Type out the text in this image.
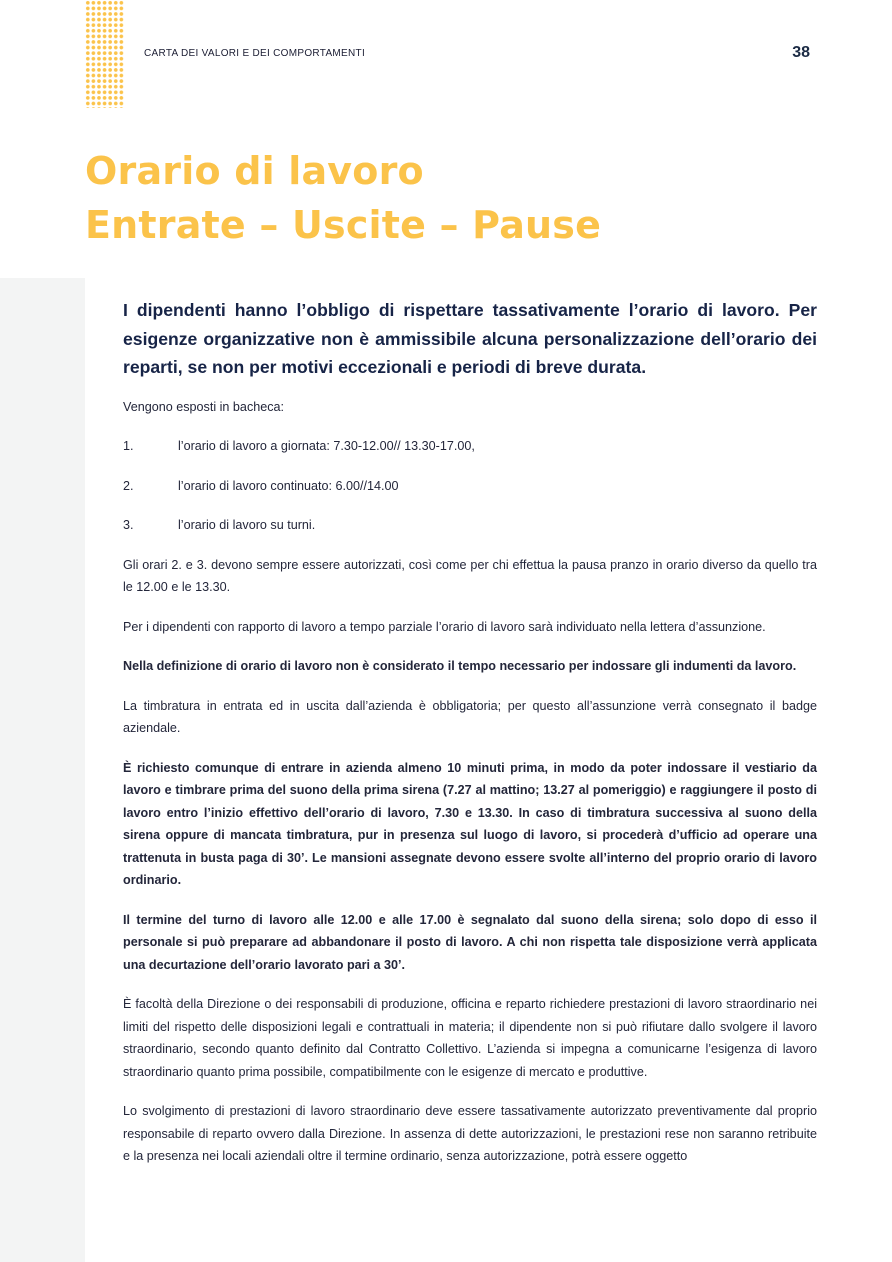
CARTA DEI VALORI E DEI COMPORTAMENTI	38
Orario di lavoro
Entrate – Uscite – Pause

I dipendenti hanno l’obbligo di rispettare tassativamente l’orario di lavoro. Per esigenze organizzative non è ammissibile alcuna personalizzazione dell’orario dei reparti, se non per motivi eccezionali e periodi di breve durata.

Vengono esposti in bacheca:

1.	l’orario di lavoro a giornata: 7.30-12.00// 13.30-17.00,
2.	l’orario di lavoro continuato: 6.00//14.00
3.	l’orario di lavoro su turni.

Gli orari 2. e 3. devono sempre essere autorizzati, così come per chi effettua la pausa pranzo in orario diverso da quello tra le 12.00 e le 13.30.

Per i dipendenti con rapporto di lavoro a tempo parziale l’orario di lavoro sarà individuato nella lettera d’assunzione.

Nella definizione di orario di lavoro non è considerato il tempo necessario per indossare gli indumenti da lavoro.

La timbratura in entrata ed in uscita dall’azienda è obbligatoria; per questo all’assunzione verrà consegnato il badge aziendale.

È richiesto comunque di entrare in azienda almeno 10 minuti prima, in modo da poter indossare il vestiario da lavoro e timbrare prima del suono della prima sirena (7.27 al mattino; 13.27 al pomeriggio) e raggiungere il posto di lavoro entro l’inizio effettivo dell’orario di lavoro, 7.30 e 13.30. In caso di timbratura successiva al suono della sirena oppure di mancata timbratura, pur in presenza sul luogo di lavoro, si procederà d’ufficio ad operare una trattenuta in busta paga di 30’. Le mansioni assegnate devono essere svolte all’interno del proprio orario di lavoro ordinario.

Il termine del turno di lavoro alle 12.00 e alle 17.00 è segnalato dal suono della sirena; solo dopo di esso il personale si può preparare ad abbandonare il posto di lavoro. A chi non rispetta tale disposizione verrà applicata una decurtazione dell’orario lavorato pari a 30’.

È facoltà della Direzione o dei responsabili di produzione, officina e reparto richiedere prestazioni di lavoro straordinario nei limiti del rispetto delle disposizioni legali e contrattuali in materia; il dipendente non si può rifiutare dallo svolgere il lavoro straordinario, secondo quanto definito dal Contratto Collettivo. L’azienda si impegna a comunicarne l’esigenza di lavoro straordinario quanto prima possibile, compatibilmente con le esigenze di mercato e produttive.

Lo svolgimento di prestazioni di lavoro straordinario deve essere tassativamente autorizzato preventivamente dal proprio responsabile di reparto ovvero dalla Direzione. In assenza di dette autorizzazioni, le prestazioni rese non saranno retribuite e la presenza nei locali aziendali oltre il termine ordinario, senza autorizzazione, potrà essere oggetto
